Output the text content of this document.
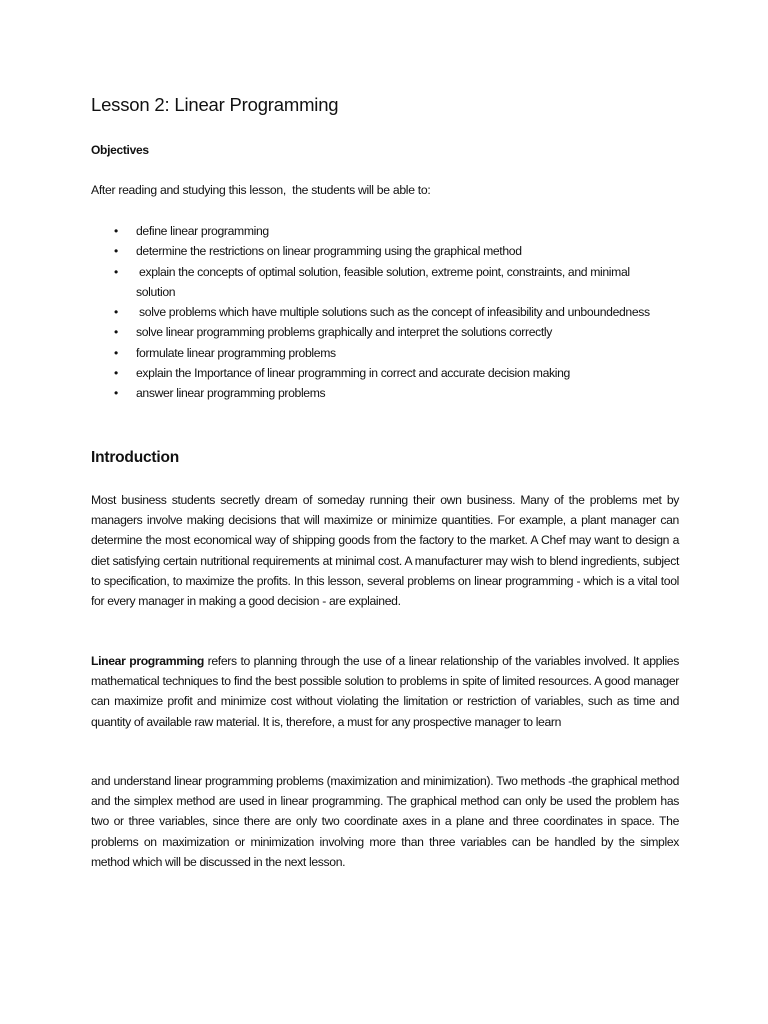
Lesson 2: Linear Programming
Objectives

After reading and studying this lesson,  the students will be able to:

• define linear programming
• determine the restrictions on linear programming using the graphical method
• explain the concepts of optimal solution, feasible solution, extreme point, constraints, and minimal solution
• solve problems which have multiple solutions such as the concept of infeasibility and unboundedness
• solve linear programming problems graphically and interpret the solutions correctly
• formulate linear programming problems
• explain the Importance of linear programming in correct and accurate decision making
• answer linear programming problems
Introduction

Most business students secretly dream of someday running their own business. Many of the problems met by managers involve making decisions that will maximize or minimize quantities. For example, a plant manager can determine the most economical way of shipping goods from the factory to the market. A Chef may want to design a diet satisfying certain nutritional requirements at minimal cost. A manufacturer may wish to blend ingredients, subject to specification, to maximize the profits. In this lesson, several problems on linear programming - which is a vital tool for every manager in making a good decision - are explained.

Linear programming refers to planning through the use of a linear relationship of the variables involved. It applies mathematical techniques to find the best possible solution to problems in spite of limited resources. A good manager can maximize profit and minimize cost without violating the limitation or restriction of variables, such as time and quantity of available raw material. It is, therefore, a must for any prospective manager to learn

and understand linear programming problems (maximization and minimization). Two methods -the graphical method and the simplex method are used in linear programming. The graphical method can only be used the problem has two or three variables, since there are only two coordinate axes in a plane and three coordinates in space. The problems on maximization or minimization involving more than three variables can be handled by the simplex method which will be discussed in the next lesson.
